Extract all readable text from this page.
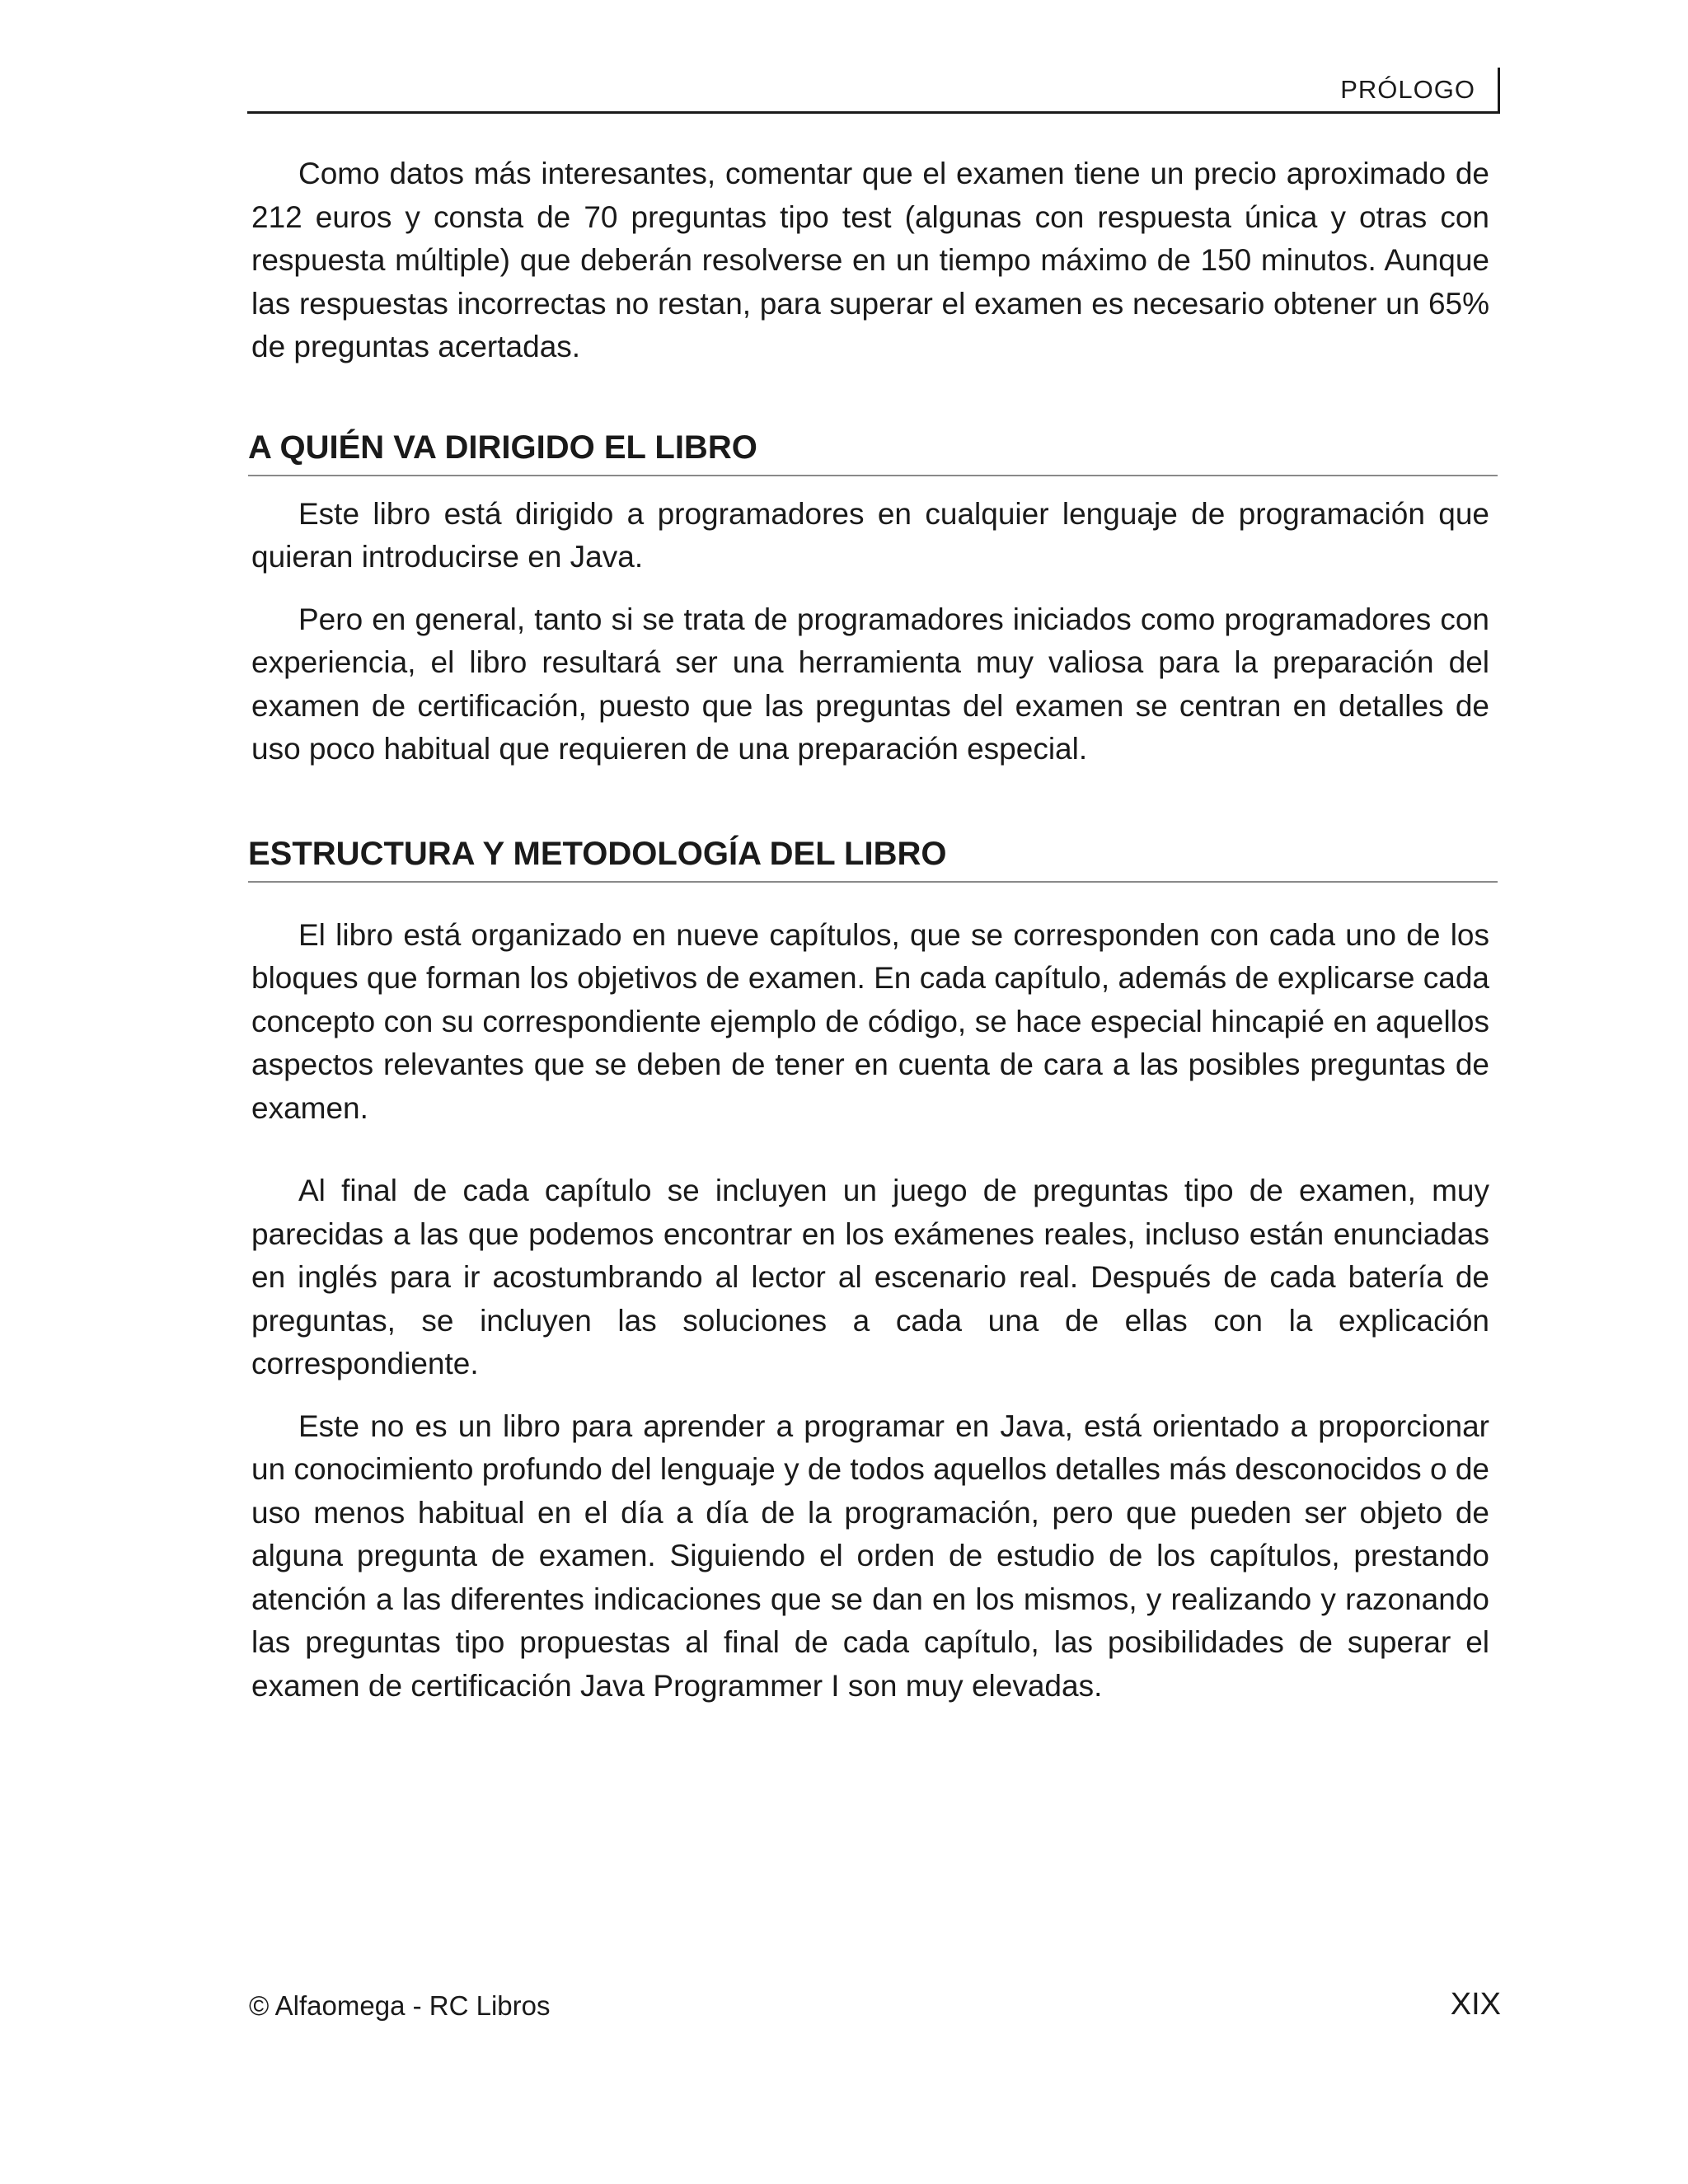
PRÓLOGO

Como datos más interesantes, comentar que el examen tiene un precio aproximado de 212 euros y consta de 70 preguntas tipo test (algunas con respuesta única y otras con respuesta múltiple) que deberán resolverse en un tiempo máximo de 150 minutos. Aunque las respuestas incorrectas no restan, para superar el examen es necesario obtener un 65% de preguntas acertadas.

A QUIÉN VA DIRIGIDO EL LIBRO

Este libro está dirigido a programadores en cualquier lenguaje de programación que quieran introducirse en Java.

Pero en general, tanto si se trata de programadores iniciados como programadores con experiencia, el libro resultará ser una herramienta muy valiosa para la preparación del examen de certificación, puesto que las preguntas del examen se centran en detalles de uso poco habitual que requieren de una preparación especial.

ESTRUCTURA Y METODOLOGÍA DEL LIBRO

El libro está organizado en nueve capítulos, que se corresponden con cada uno de los bloques que forman los objetivos de examen. En cada capítulo, además de explicarse cada concepto con su correspondiente ejemplo de código, se hace especial hincapié en aquellos aspectos relevantes que se deben de tener en cuenta de cara a las posibles preguntas de examen.

Al final de cada capítulo se incluyen un juego de preguntas tipo de examen, muy parecidas a las que podemos encontrar en los exámenes reales, incluso están enunciadas en inglés para ir acostumbrando al lector al escenario real. Después de cada batería de preguntas, se incluyen las soluciones a cada una de ellas con la explicación correspondiente.

Este no es un libro para aprender a programar en Java, está orientado a proporcionar un conocimiento profundo del lenguaje y de todos aquellos detalles más desconocidos o de uso menos habitual en el día a día de la programación, pero que pueden ser objeto de alguna pregunta de examen. Siguiendo el orden de estudio de los capítulos, prestando atención a las diferentes indicaciones que se dan en los mismos, y realizando y razonando las preguntas tipo propuestas al final de cada capítulo, las posibilidades de superar el examen de certificación Java Programmer I son muy elevadas.

© Alfaomega - RC Libros	XIX
